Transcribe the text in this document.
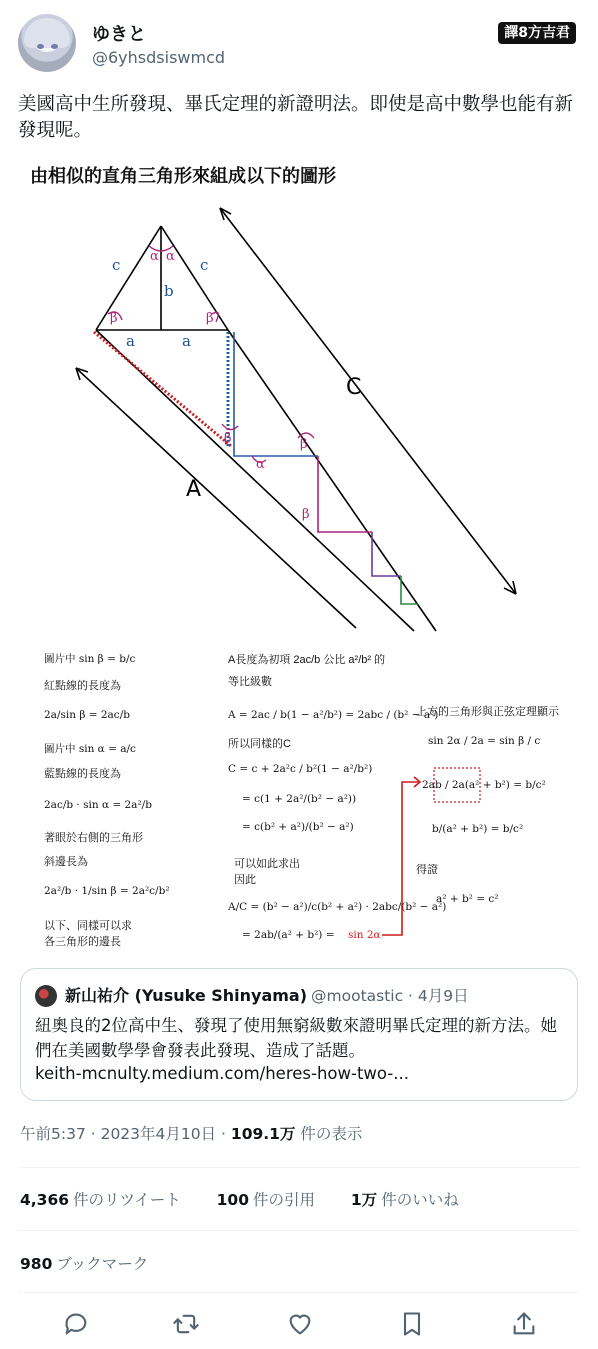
ゆきと
@6yhsdsiswmcd
譯8方吉君
美國高中生所發現、畢氏定理的新證明法。即使是高中數學也能有新發現呢。
由相似的直角三角形來組成以下的圖形
c	c
b
a	a
α α
β	β
β	β
α
β
C
A
圖片中 sin β = b/c
紅點線的長度為
2a/sin β = 2ac/b
圖片中 sin α = a/c
藍點線的長度為
2ac/b · sin α = 2a²/b
著眼於右側的三角形
斜邊長為
2a²/b · 1/sin β = 2a²c/b²
以下、同樣可以求
各三角形的邊長
A長度為初項 2ac/b 公比 a²/b² 的
等比級數
A = 2ac / b(1 − a²/b²) = 2abc / (b² − a²)
所以同樣的C
C = c + 2a²c / b²(1 − a²/b²)
= c(1 + 2a²/(b² − a²))
= c(b² + a²)/(b² − a²)
可以如此求出
因此
A/C = (b² − a²)/c(b² + a²) · 2abc/(b² − a²)
= 2ab/(a² + b²) = sin 2α
上方的三角形與正弦定理顯示
sin 2α / 2a = sin β / c
2ab / 2a(a² + b²) = b/c²
b/(a² + b²) = b/c²
得證
a² + b² = c²
新山祐介 (Yusuke Shinyama) @mootastic · 4月9日
紐奧良的2位高中生、發現了使用無窮級數來證明畢氏定理的新方法。她們在美國數學學會發表此發現、造成了話題。
keith-mcnulty.medium.com/heres-how-two-...
午前5:37 · 2023年4月10日 · 109.1万 件の表示
4,366 件のリツイート 100 件の引用 1万 件のいいね
980 ブックマーク
